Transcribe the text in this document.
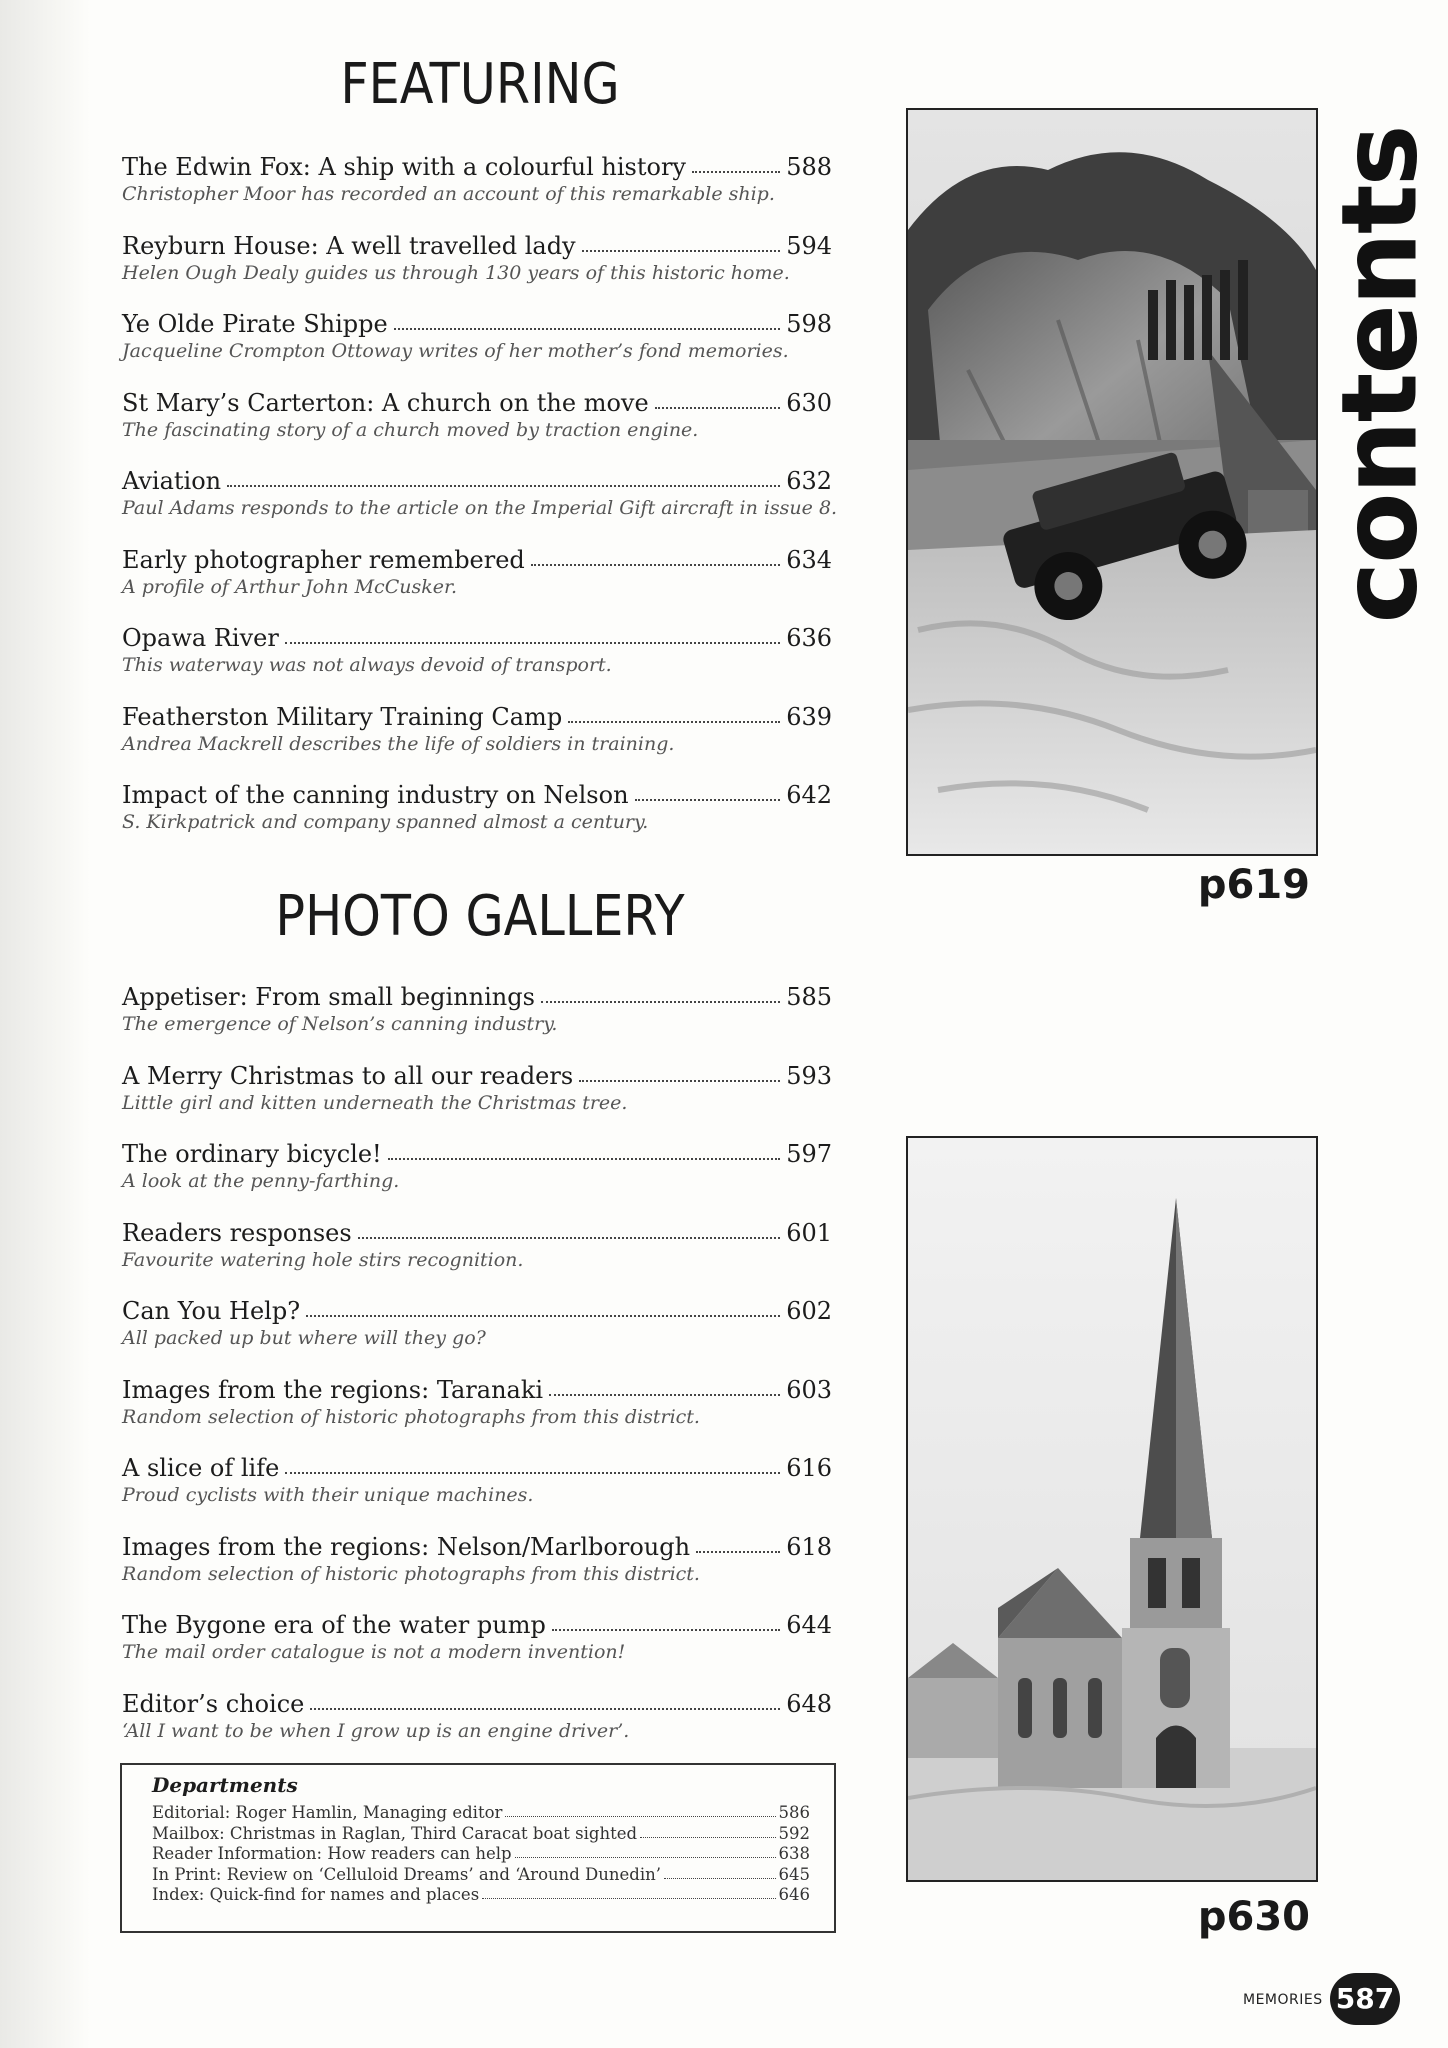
FEATURING
The Edwin Fox: A ship with a colourful history	588
Christopher Moor has recorded an account of this remarkable ship.
Reyburn House: A well travelled lady	594
Helen Ough Dealy guides us through 130 years of this historic home.
Ye Olde Pirate Shippe	598
Jacqueline Crompton Ottoway writes of her mother’s fond memories.
St Mary’s Carterton: A church on the move	630
The fascinating story of a church moved by traction engine.
Aviation	632
Paul Adams responds to the article on the Imperial Gift aircraft in issue 8.
Early photographer remembered	634
A profile of Arthur John McCusker.
Opawa River	636
This waterway was not always devoid of transport.
Featherston Military Training Camp	639
Andrea Mackrell describes the life of soldiers in training.
Impact of the canning industry on Nelson	642
S. Kirkpatrick and company spanned almost a century.
PHOTO GALLERY
Appetiser: From small beginnings	585
The emergence of Nelson’s canning industry.
A Merry Christmas to all our readers	593
Little girl and kitten underneath the Christmas tree.
The ordinary bicycle!	597
A look at the penny-farthing.
Readers responses	601
Favourite watering hole stirs recognition.
Can You Help?	602
All packed up but where will they go?
Images from the regions: Taranaki	603
Random selection of historic photographs from this district.
A slice of life	616
Proud cyclists with their unique machines.
Images from the regions: Nelson/Marlborough	618
Random selection of historic photographs from this district.
The Bygone era of the water pump	644
The mail order catalogue is not a modern invention!
Editor’s choice	648
‘All I want to be when I grow up is an engine driver’.
Departments
Editorial: Roger Hamlin, Managing editor	586
Mailbox: Christmas in Raglan, Third Caracat boat sighted	592
Reader Information: How readers can help	638
In Print: Review on ‘Celluloid Dreams’ and ‘Around Dunedin’	645
Index: Quick-find for names and places	646
contents
p619
p630
MEMORIES 587
